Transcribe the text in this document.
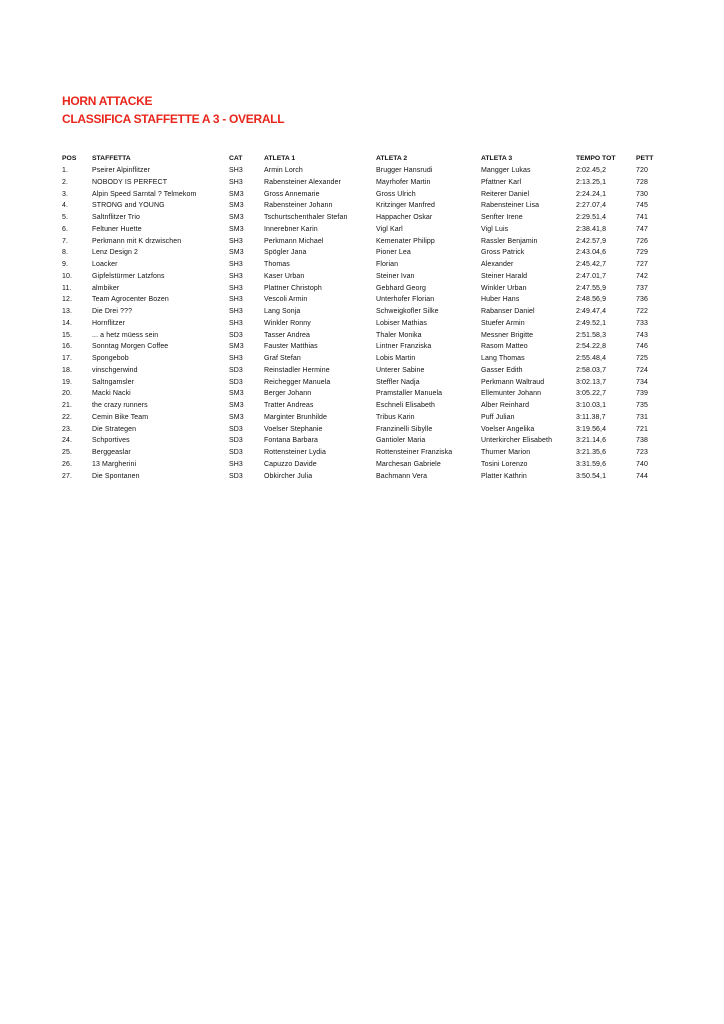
HORN ATTACKE
CLASSIFICA STAFFETTE A 3 - OVERALL
POS	STAFFETTA	CAT	ATLETA 1	ATLETA 2	ATLETA 3	TEMPO TOT	PETT
1.	Pseirer Alpinflitzer	SH3	Armin Lorch	Brugger Hansrudi	Mangger Lukas	2:02.45,2	720
2.	NOBODY IS PERFECT	SH3	Rabensteiner Alexander	Mayrhofer Martin	Pfattner Karl	2:13.25,1	728
3.	Alpin Speed Sarntal ? Telmekom	SM3	Gross Annemarie	Gross Ulrich	Reiterer Daniel	2:24.24,1	730
4.	STRONG and YOUNG	SM3	Rabensteiner Johann	Kritzinger Manfred	Rabensteiner Lisa	2:27.07,4	745
5.	Saltnflitzer Trio	SM3	Tschurtschenthaler Stefan	Happacher Oskar	Senfter Irene	2:29.51,4	741
6.	Feltuner Huette	SM3	Innerebner Karin	Vigl Karl	Vigl Luis	2:38.41,8	747
7.	Perkmann mit K drzwischen	SH3	Perkmann Michael	Kemenater Philipp	Rassler Benjamin	2:42.57,9	726
8.	Lenz Design 2	SM3	Spögler Jana	Pioner Lea	Gross Patrick	2:43.04,6	729
9.	Loacker	SH3	Thomas	Florian	Alexander	2:45.42,7	727
10.	Gipfelstürmer Latzfons	SH3	Kaser Urban	Steiner Ivan	Steiner Harald	2:47.01,7	742
11.	almbiker	SH3	Plattner Christoph	Gebhard Georg	Winkler Urban	2:47.55,9	737
12.	Team Agrocenter Bozen	SH3	Vescoli Armin	Unterhofer Florian	Huber Hans	2:48.56,9	736
13.	Die Drei ???	SH3	Lang Sonja	Schweigkofler Silke	Rabanser Daniel	2:49.47,4	722
14.	Hornflitzer	SH3	Winkler Ronny	Lobiser Mathias	Stuefer Armin	2:49.52,1	733
15.	... a hetz müess sein	SD3	Tasser Andrea	Thaler Monika	Messner Brigitte	2:51.58,3	743
16.	Sonntag Morgen Coffee	SM3	Fauster Matthias	Lintner Franziska	Rasom Matteo	2:54.22,8	746
17.	Spongebob	SH3	Graf Stefan	Lobis Martin	Lang Thomas	2:55.48,4	725
18.	vinschgerwind	SD3	Reinstadler Hermine	Unterer Sabine	Gasser Edith	2:58.03,7	724
19.	Saltngamsler	SD3	Reichegger Manuela	Steffler Nadja	Perkmann Waltraud	3:02.13,7	734
20.	Macki Nacki	SM3	Berger Johann	Pramstaller Manuela	Ellemunter Johann	3:05.22,7	739
21.	the crazy runners	SM3	Tratter Andreas	Eschneli Elisabeth	Alber Reinhard	3:10.03,1	735
22.	Cemin Bike Team	SM3	Marginter Brunhilde	Tribus Karin	Puff Julian	3:11.38,7	731
23.	Die Strategen	SD3	Voelser Stephanie	Franzinelli Sibylle	Voelser Angelika	3:19.56,4	721
24.	Schportives	SD3	Fontana Barbara	Gantioler Maria	Unterkircher Elisabeth	3:21.14,6	738
25.	Berggeaslar	SD3	Rottensteiner Lydia	Rottensteiner Franziska	Thurner Marion	3:21.35,6	723
26.	13 Margherini	SH3	Capuzzo Davide	Marchesan Gabriele	Tosini Lorenzo	3:31.59,6	740
27.	Die Spontanen	SD3	Obkircher Julia	Bachmann Vera	Platter Kathrin	3:50.54,1	744
